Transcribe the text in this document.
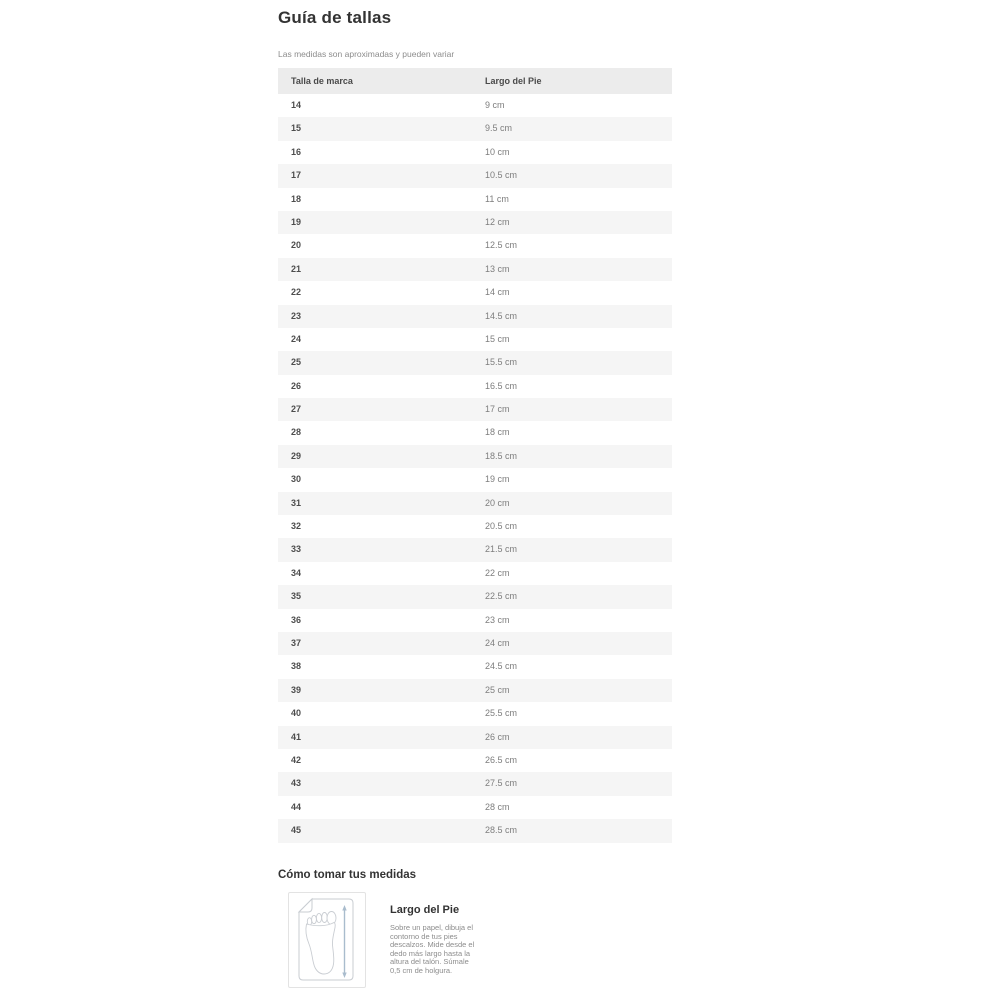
Guía de tallas
Las medidas son aproximadas y pueden variar
Talla de marca	Largo del Pie
14	9 cm
15	9.5 cm
16	10 cm
17	10.5 cm
18	11 cm
19	12 cm
20	12.5 cm
21	13 cm
22	14 cm
23	14.5 cm
24	15 cm
25	15.5 cm
26	16.5 cm
27	17 cm
28	18 cm
29	18.5 cm
30	19 cm
31	20 cm
32	20.5 cm
33	21.5 cm
34	22 cm
35	22.5 cm
36	23 cm
37	24 cm
38	24.5 cm
39	25 cm
40	25.5 cm
41	26 cm
42	26.5 cm
43	27.5 cm
44	28 cm
45	28.5 cm
Cómo tomar tus medidas
Largo del Pie
Sobre un papel, dibuja el contorno de tus pies descalzos. Mide desde el dedo más largo hasta la altura del talón. Súmale 0,5 cm de holgura.
